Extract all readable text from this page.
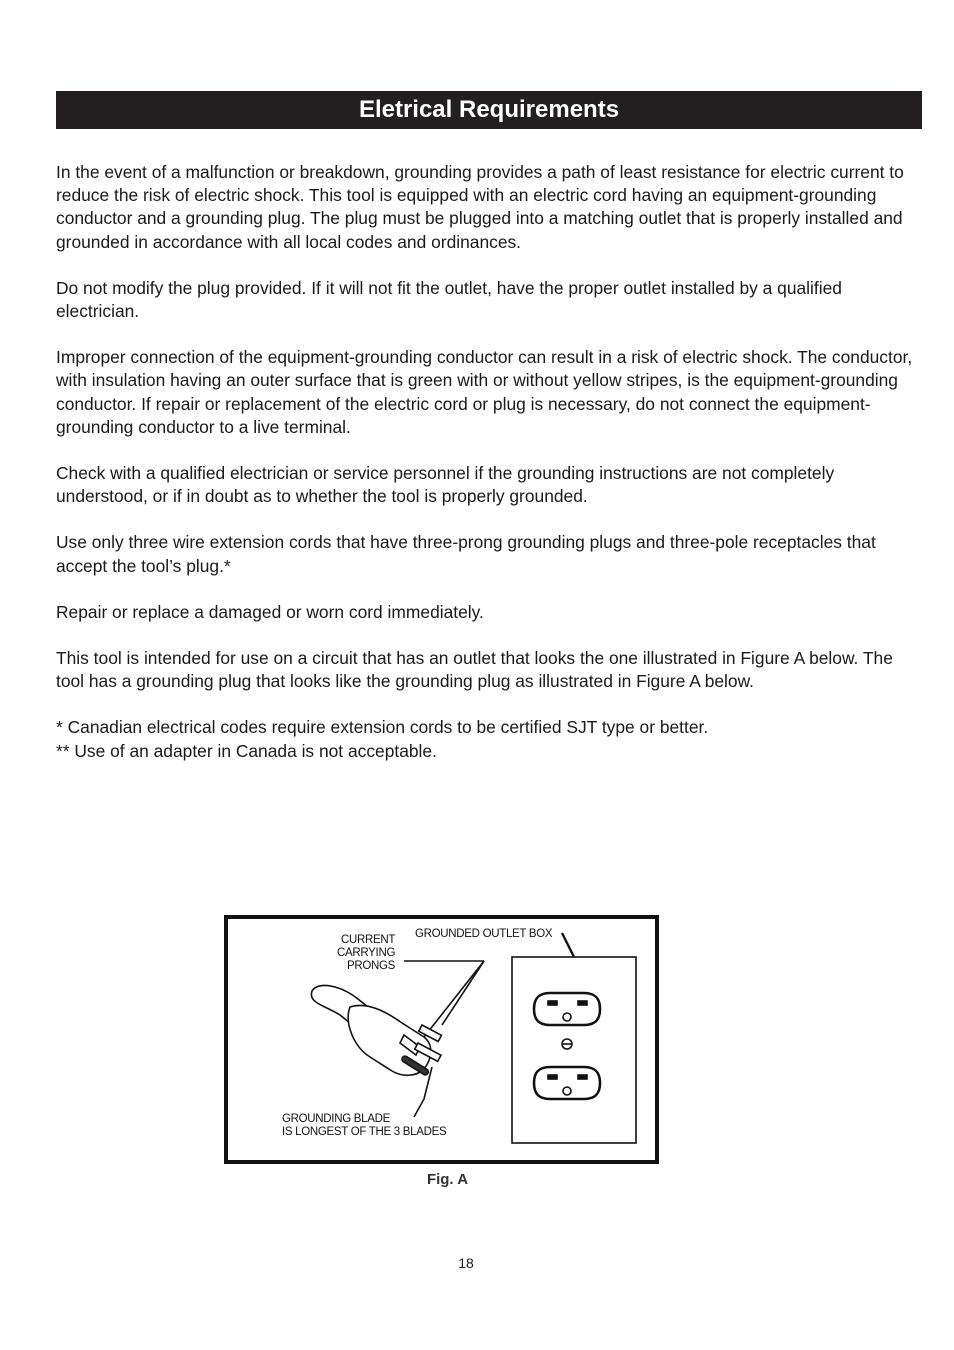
Eletrical Requirements

In the event of a malfunction or breakdown, grounding provides a path of least resistance for electric current to reduce the risk of electric shock. This tool is equipped with an electric cord having an equipment-grounding conductor and a grounding plug. The plug must be plugged into a matching outlet that is properly installed and grounded in accordance with all local codes and ordinances.

Do not modify the plug provided. If it will not fit the outlet, have the proper outlet installed by a qualified electrician.

Improper connection of the equipment-grounding conductor can result in a risk of electric shock. The conductor, with insulation having an outer surface that is green with or without yellow stripes, is the equipment-grounding conductor. If repair or replacement of the electric cord or plug is necessary, do not connect the equipment-grounding conductor to a live terminal.

Check with a qualified electrician or service personnel if the grounding instructions are not completely understood, or if in doubt as to whether the tool is properly grounded.

Use only three wire extension cords that have three-prong grounding plugs and three-pole receptacles that accept the tool’s plug.*

Repair or replace a damaged or worn cord immediately.

This tool is intended for use on a circuit that has an outlet that looks the one illustrated in Figure A below. The tool has a grounding plug that looks like the grounding plug as illustrated in Figure A below.

* Canadian electrical codes require extension cords to be certified SJT type or better.

** Use of an adapter in Canada is not acceptable.

CURRENT
CARRYING
PRONGS
GROUNDED OUTLET BOX
GROUNDING BLADE
IS LONGEST OF THE 3 BLADES
Fig. A
18
